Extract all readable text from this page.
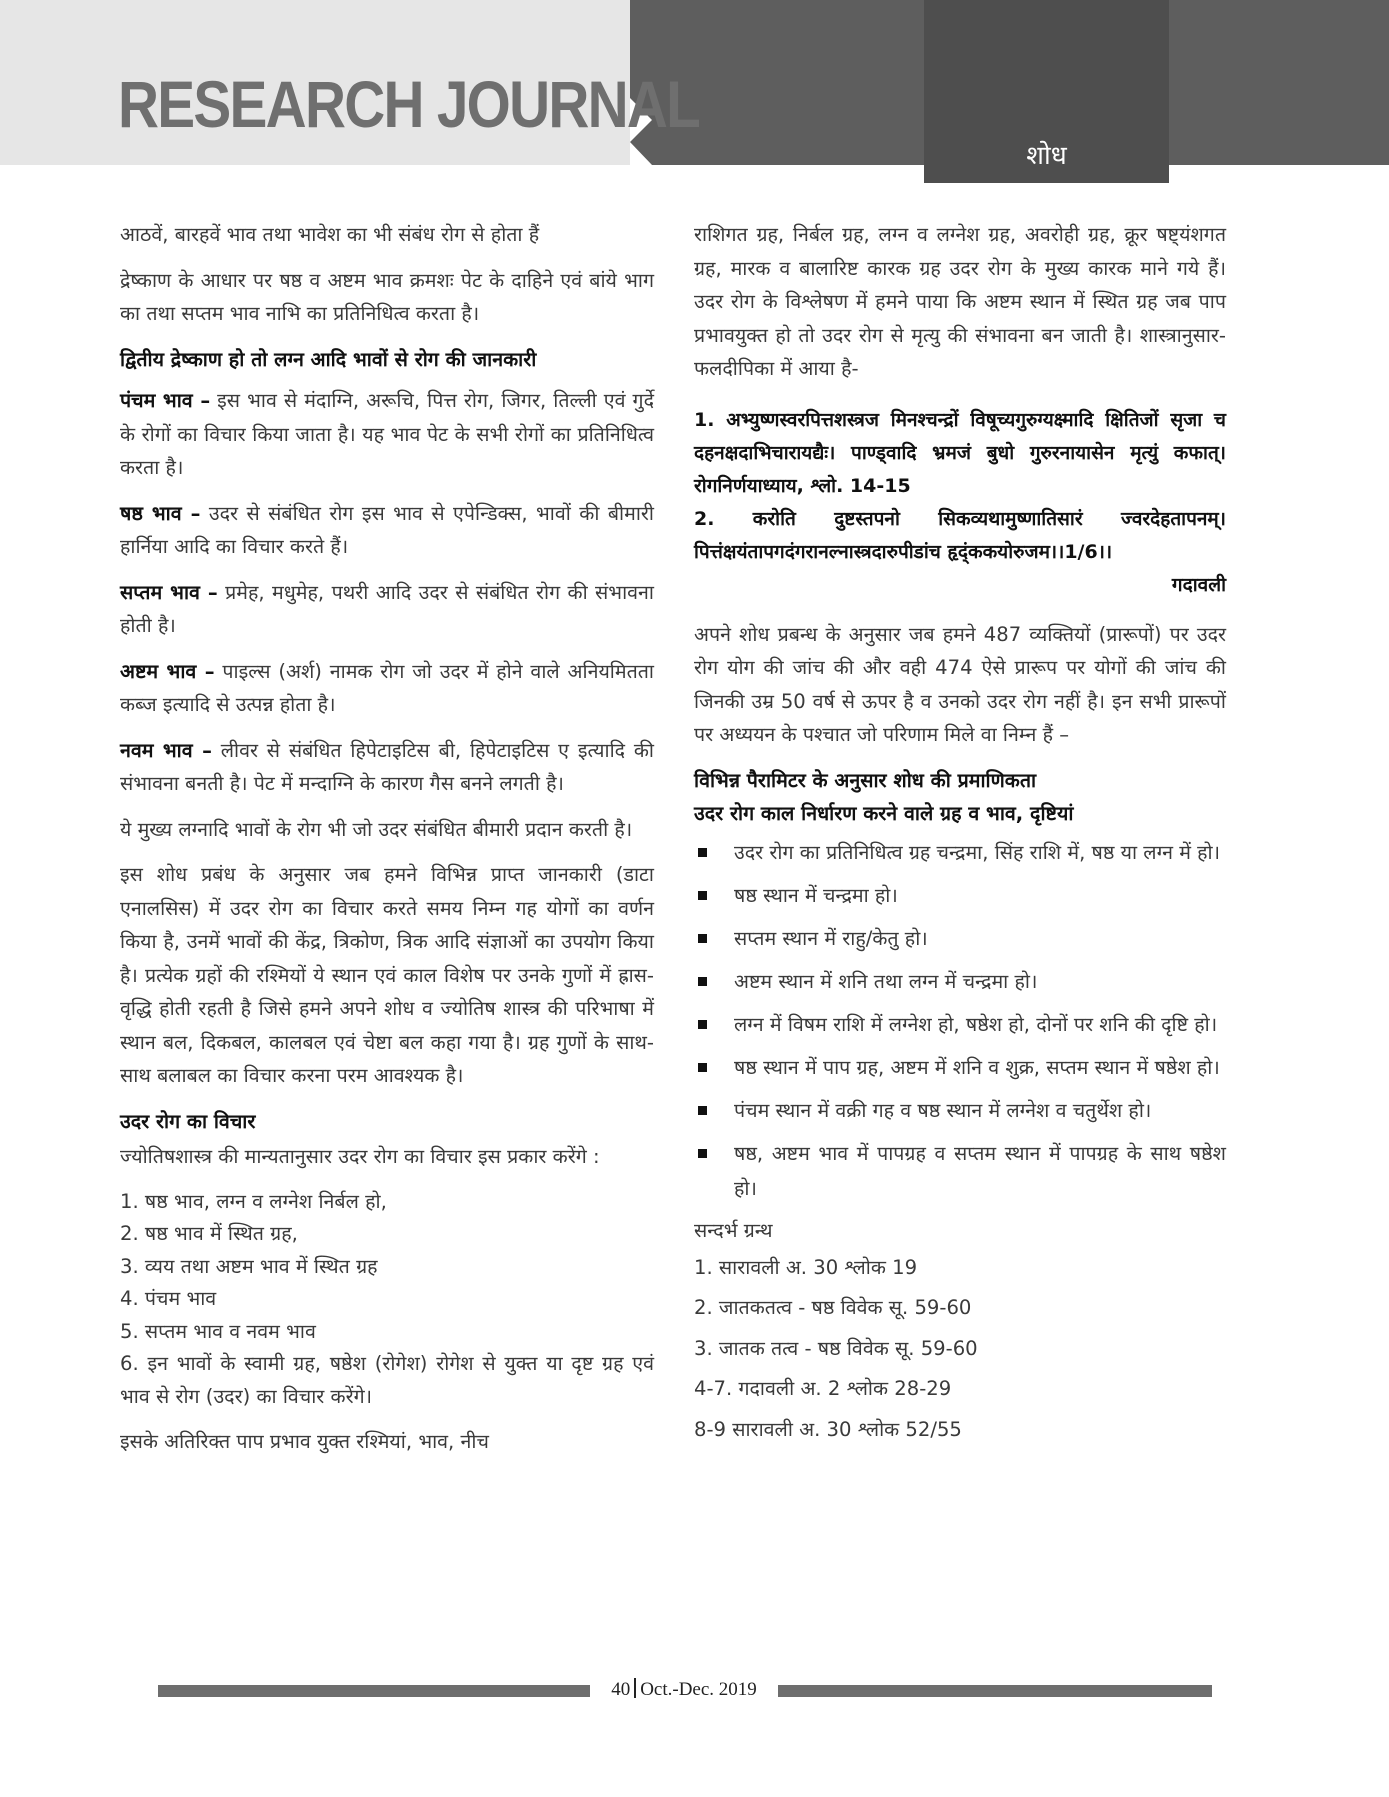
RESEARCH JOURNAL
शोध

आठवें, बारहवें भाव तथा भावेश का भी संबंध रोग से होता हैं

द्रेष्काण के आधार पर षष्ठ व अष्टम भाव क्रमशः पेट के दाहिने एवं बांये भाग का तथा सप्तम भाव नाभि का प्रतिनिधित्व करता है।

द्वितीय द्रेष्काण हो तो लग्न आदि भावों से रोग की जानकारी

पंचम भाव – इस भाव से मंदाग्नि, अरूचि, पित्त रोग, जिगर, तिल्ली एवं गुर्दे के रोगों का विचार किया जाता है। यह भाव पेट के सभी रोगों का प्रतिनिधित्व करता है।

षष्ठ भाव – उदर से संबंधित रोग इस भाव से एपेन्डिक्स, भावों की बीमारी हार्निया आदि का विचार करते हैं।

सप्तम भाव – प्रमेह, मधुमेह, पथरी आदि उदर से संबंधित रोग की संभावना होती है।

अष्टम भाव – पाइल्स (अर्श) नामक रोग जो उदर में होने वाले अनियमितता कब्ज इत्यादि से उत्पन्न होता है।

नवम भाव – लीवर से संबंधित हिपेटाइटिस बी, हिपेटाइटिस ए इत्यादि की संभावना बनती है। पेट में मन्दाग्नि के कारण गैस बनने लगती है।

ये मुख्य लग्नादि भावों के रोग भी जो उदर संबंधित बीमारी प्रदान करती है।

इस शोध प्रबंध के अनुसार जब हमने विभिन्न प्राप्त जानकारी (डाटा एनालसिस) में उदर रोग का विचार करते समय निम्न गह योगों का वर्णन किया है, उनमें भावों की केंद्र, त्रिकोण, त्रिक आदि संज्ञाओं का उपयोग किया है। प्रत्येक ग्रहों की रश्मियों ये स्थान एवं काल विशेष पर उनके गुणों में ह्रास-वृद्धि होती रहती है जिसे हमने अपने शोध व ज्योतिष शास्त्र की परिभाषा में स्थान बल, दिकबल, कालबल एवं चेष्टा बल कहा गया है। ग्रह गुणों के साथ-साथ बलाबल का विचार करना परम आवश्यक है।

उदर रोग का विचार

ज्योतिषशास्त्र की मान्यतानुसार उदर रोग का विचार इस प्रकार करेंगे :

1. षष्ठ भाव, लग्न व लग्नेश निर्बल हो,
2. षष्ठ भाव में स्थित ग्रह,
3. व्यय तथा अष्टम भाव में स्थित ग्रह
4. पंचम भाव
5. सप्तम भाव व नवम भाव
6. इन भावों के स्वामी ग्रह, षष्ठेश (रोगेश) रोगेश से युक्त या दृष्ट ग्रह एवं भाव से रोग (उदर) का विचार करेंगे।

इसके अतिरिक्त पाप प्रभाव युक्त रश्मियां, भाव, नीच

राशिगत ग्रह, निर्बल ग्रह, लग्न व लग्नेश ग्रह, अवरोही ग्रह, क्रूर षष्ट्यंशगत ग्रह, मारक व बालारिष्ट कारक ग्रह उदर रोग के मुख्य कारक माने गये हैं। उदर रोग के विश्लेषण में हमने पाया कि अष्टम स्थान में स्थित ग्रह जब पाप प्रभावयुक्त हो तो उदर रोग से मृत्यु की संभावना बन जाती है। शास्त्रानुसार- फलदीपिका में आया है-

1. अभ्युष्णस्वरपित्तशस्त्रज मिनश्चन्द्रों विषूच्यगुरुग्यक्ष्मादि क्षितिजों सृजा च दहनक्षदाभिचारायद्यैः। पाण्ड्वादि भ्रमजं बुधो गुरुरनायासेन मृत्युं कफात्। रोगनिर्णयाध्याय, श्लो. 14-15

2. करोति दुष्टस्तपनो सिकव्यथामुष्णातिसारं ज्वरदेहतापनम्। पित्तंक्षयंतापगदंगरानल्नास्त्रदारुपीडांच हृद्ंककयोरुजम।।1/6।।

गदावली

अपने शोध प्रबन्ध के अनुसार जब हमने 487 व्यक्तियों (प्रारूपों) पर उदर रोग योग की जांच की और वही 474 ऐसे प्रारूप पर योगों की जांच की जिनकी उम्र 50 वर्ष से ऊपर है व उनको उदर रोग नहीं है। इन सभी प्रारूपों पर अध्ययन के पश्चात जो परिणाम मिले वा निम्न हैं –

विभिन्न पैरामिटर के अनुसार शोध की प्रमाणिकता

उदर रोग काल निर्धारण करने वाले ग्रह व भाव, दृष्टियां

उदर रोग का प्रतिनिधित्व ग्रह चन्द्रमा, सिंह राशि में, षष्ठ या लग्न में हो।
षष्ठ स्थान में चन्द्रमा हो।
सप्तम स्थान में राहु/केतु हो।
अष्टम स्थान में शनि तथा लग्न में चन्द्रमा हो।
लग्न में विषम राशि में लग्नेश हो, षष्ठेश हो, दोनों पर शनि की दृष्टि हो।
षष्ठ स्थान में पाप ग्रह, अष्टम में शनि व शुक्र, सप्तम स्थान में षष्ठेश हो।
पंचम स्थान में वक्री गह व षष्ठ स्थान में लग्नेश व चतुर्थेश हो।
षष्ठ, अष्टम भाव में पापग्रह व सप्तम स्थान में पापग्रह के साथ षष्ठेश हो।
सन्दर्भ ग्रन्थ
1. सारावली अ. 30 श्लोक 19
2. जातकतत्व - षष्ठ विवेक सू. 59-60
3. जातक तत्व - षष्ठ विवेक सू. 59-60
4-7. गदावली अ. 2 श्लोक 28-29
8-9 सारावली अ. 30 श्लोक 52/55
40 Oct.-Dec. 2019
